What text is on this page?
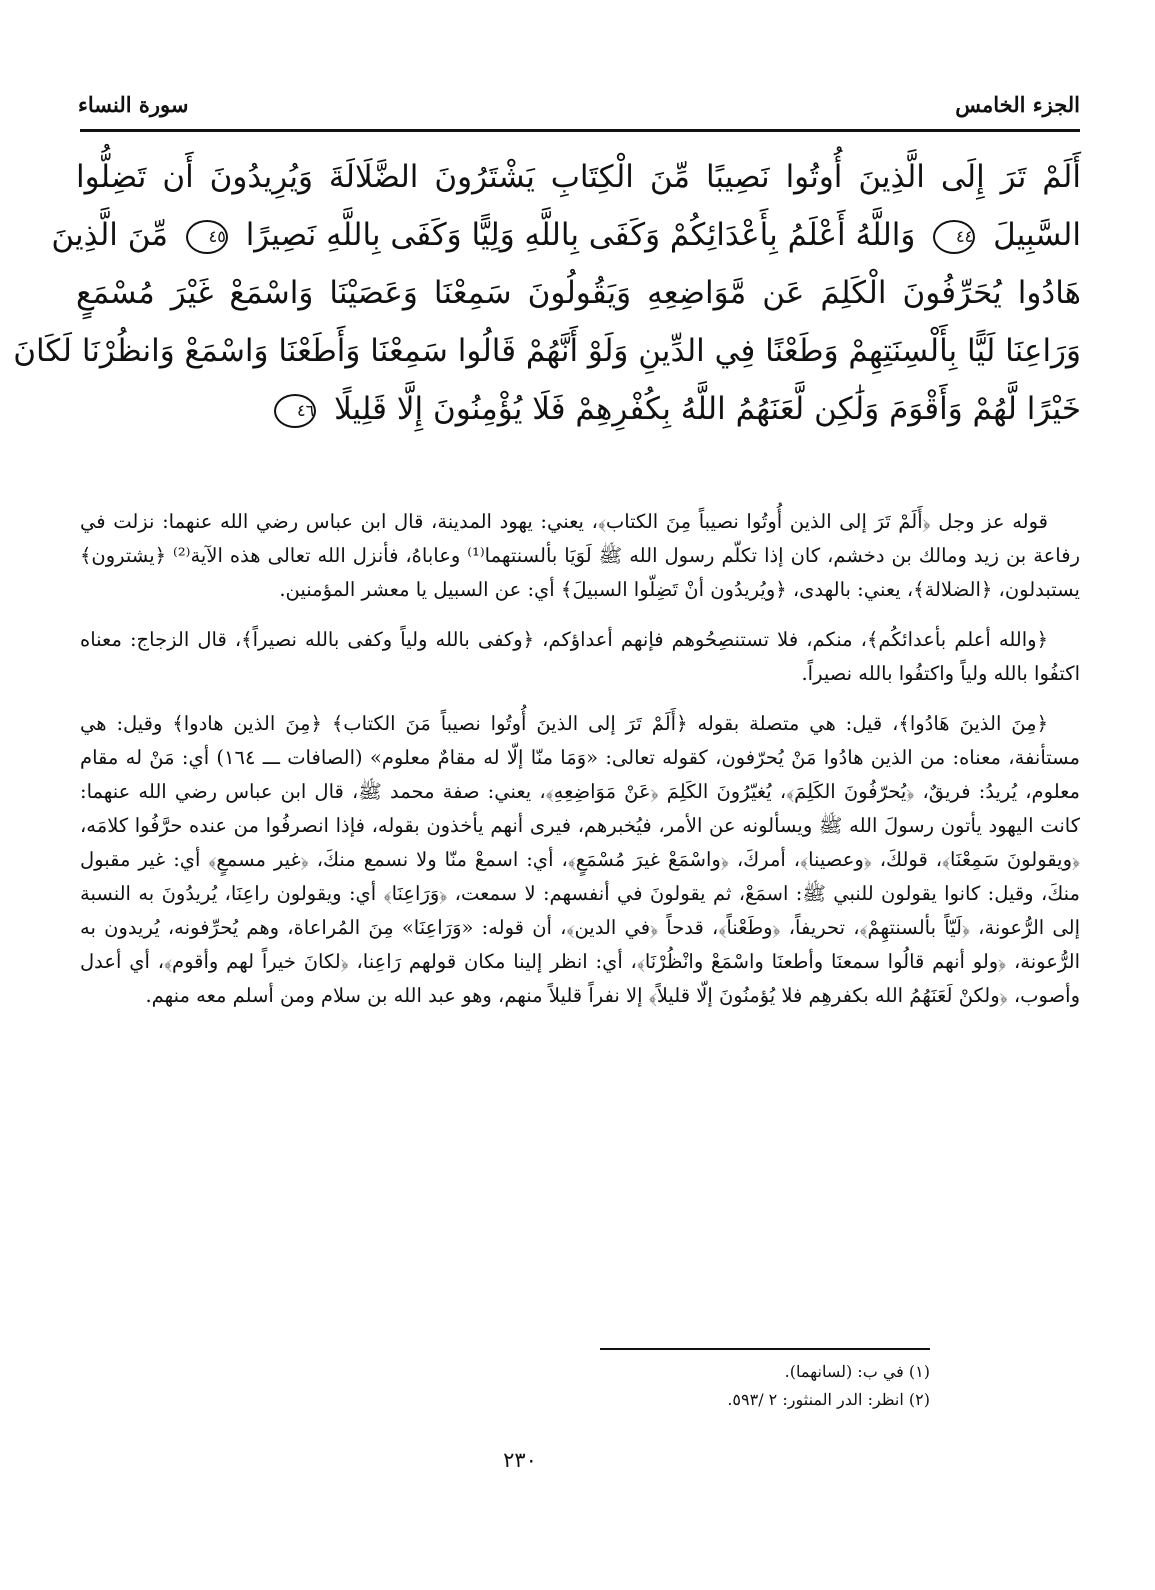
الجزء الخامس
سورة النساء
أَلَمْ تَرَ إِلَى الَّذِينَ أُوتُوا نَصِيبًا مِّنَ الْكِتَابِ يَشْتَرُونَ الضَّلَالَةَ وَيُرِيدُونَ أَن تَضِلُّوا
السَّبِيلَ ٤٤ وَاللَّهُ أَعْلَمُ بِأَعْدَائِكُمْ وَكَفَى بِاللَّهِ وَلِيًّا وَكَفَى بِاللَّهِ نَصِيرًا ٤٥ مِّنَ الَّذِينَ
هَادُوا يُحَرِّفُونَ الْكَلِمَ عَن مَّوَاضِعِهِ وَيَقُولُونَ سَمِعْنَا وَعَصَيْنَا وَاسْمَعْ غَيْرَ مُسْمَعٍ
وَرَاعِنَا لَيًّا بِأَلْسِنَتِهِمْ وَطَعْنًا فِي الدِّينِ وَلَوْ أَنَّهُمْ قَالُوا سَمِعْنَا وَأَطَعْنَا وَاسْمَعْ وَانظُرْنَا لَكَانَ
خَيْرًا لَّهُمْ وَأَقْوَمَ وَلَٰكِن لَّعَنَهُمُ اللَّهُ بِكُفْرِهِمْ فَلَا يُؤْمِنُونَ إِلَّا قَلِيلًا ٤٦

قوله عز وجل ﴿أَلَمْ تَرَ إلى الذين أُوتُوا نصيباً مِنَ الكتاب﴾، يعني: يهود المدينة، قال ابن عباس رضي الله عنهما: نزلت في رفاعة بن زيد ومالك بن دخشم، كان إذا تكلّم رسول الله ﷺ لَوَيَا بألسنتهما⁽¹⁾ وعاباهُ، فأنزل الله تعالى هذه الآية⁽²⁾ ﴿يشترون﴾ يستبدلون، ﴿الضلالة﴾، يعني: بالهدى، ﴿ويُريدُون أنْ تَضِلّوا السبيلَ﴾ أي: عن السبيل يا معشر المؤمنين.

﴿والله أعلم بأعدائكُم﴾، منكم، فلا تستنصِحُوهم فإنهم أعداؤكم، ﴿وكفى بالله ولياً وكفى بالله نصيراً﴾، قال الزجاج: معناه اكتفُوا بالله ولياً واكتفُوا بالله نصيراً.

﴿مِنَ الذينَ هَادُوا﴾، قيل: هي متصلة بقوله ﴿أَلَمْ تَرَ إلى الذينَ أُوتُوا نصيباً مَنَ الكتاب﴾ ﴿مِنَ الذين هادوا﴾ وقيل: هي مستأنفة، معناه: من الذين هادُوا مَنْ يُحرّفون، كقوله تعالى: «وَمَا منّا إلّا له مقامٌ معلوم» (الصافات ـــ ١٦٤) أي: مَنْ له مقام معلوم، يُريدُ: فريقٌ، ﴿يُحرّفُونَ الكَلِمَ﴾، يُغيّرُونَ الكَلِمَ ﴿عَنْ مَوَاضِعِهِ﴾، يعني: صفة محمد ﷺ، قال ابن عباس رضي الله عنهما: كانت اليهود يأتون رسولَ الله ﷺ ويسألونه عن الأمر، فيُخبرهم، فيرى أنهم يأخذون بقوله، فإذا انصرفُوا من عنده حرَّفُوا كلامَه، ﴿ويقولونَ سَمِعْنَا﴾، قولكَ، ﴿وعصينا﴾، أمركَ، ﴿واسْمَعْ غيرَ مُسْمَعٍ﴾، أي: اسمعْ منّا ولا نسمع منكَ، ﴿غير مسمعٍ﴾ أي: غير مقبول منكَ، وقيل: كانوا يقولون للنبي ﷺ: اسمَعْ، ثم يقولونَ في أنفسهم: لا سمعت، ﴿وَرَاعِنَا﴾ أي: ويقولون راعِنَا، يُريدُونَ به النسبة إلى الرُّعونة، ﴿لَيّاً بألسنتهِمْ﴾، تحريفاً، ﴿وطَعْناً﴾، قدحاً ﴿في الدين﴾، أن قوله: «وَرَاعِنَا» مِنَ المُراعاة، وهم يُحرِّفونه، يُريدون به الرُّعونة، ﴿ولو أنهم قالُوا سمعنَا وأطعنَا واسْمَعْ وانْظُرْنَا﴾، أي: انظر إلينا مكان قولهم رَاعِنا، ﴿لكانَ خيراً لهم وأقوم﴾، أي أعدل وأصوب، ﴿ولكنْ لَعَنَهُمُ الله بكفرهِم فلا يُؤمنُونَ إلّا قليلاً﴾ إلا نفراً قليلاً منهم، وهو عبد الله بن سلام ومن أسلم معه منهم.

(١) في ب: (لسانهما).
(٢) انظر: الدر المنثور: ٢ /٥٩٣.
٢٣٠
